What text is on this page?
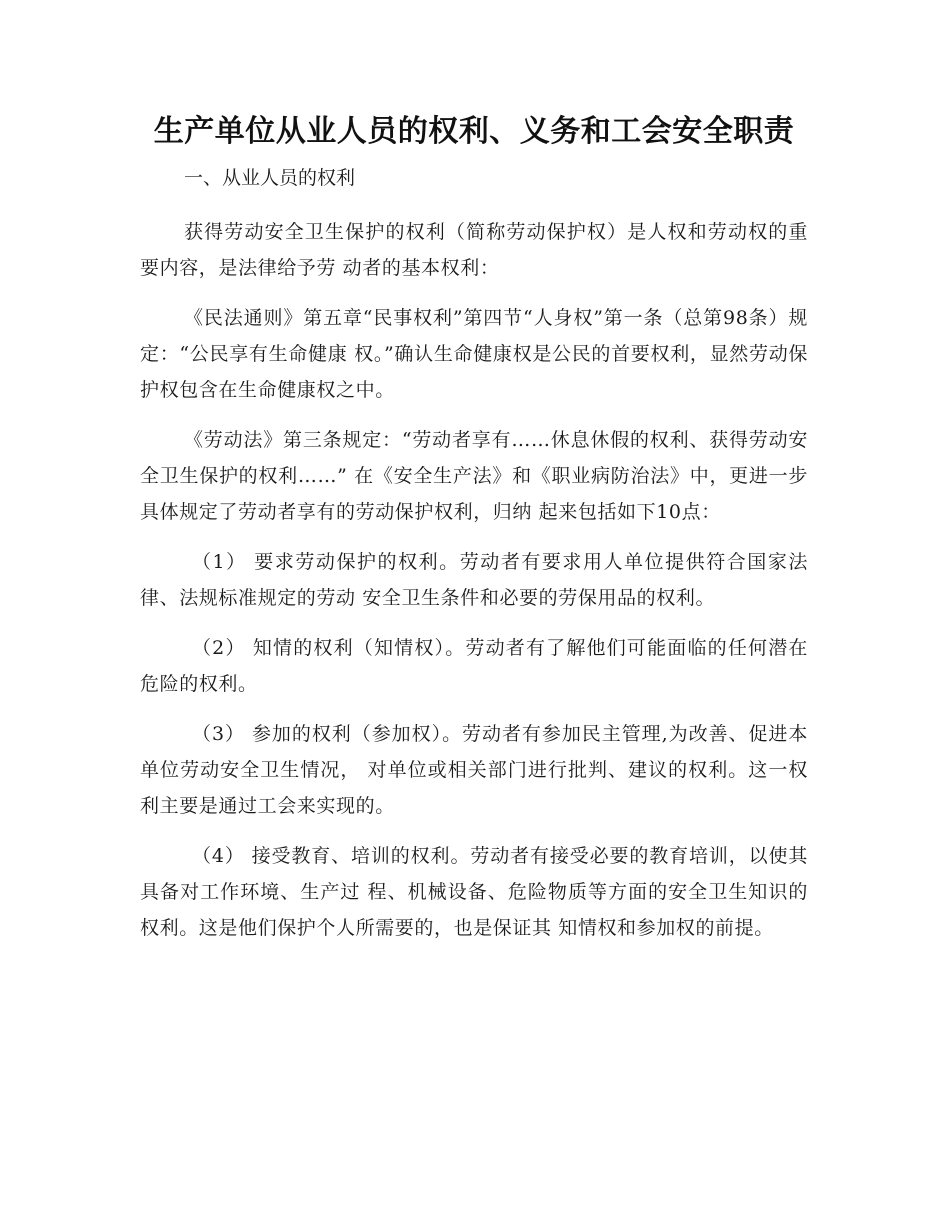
生产单位从业人员的权利、义务和工会安全职责

一、从业人员的权利

获得劳动安全卫生保护的权利（简称劳动保护权）是人权和劳动权的重要内容，是法律给予劳 动者的基本权利：

《民法通则》第五章“民事权利”第四节“人身权”第一条（总第98条）规定：“公民享有生命健康 权。”确认生命健康权是公民的首要权利，显然劳动保护权包含在生命健康权之中。

《劳动法》第三条规定：“劳动者享有……休息休假的权利、获得劳动安全卫生保护的权利……” 在《安全生产法》和《职业病防治法》中，更进一步具体规定了劳动者享有的劳动保护权利，归纳 起来包括如下10点：

（1） 要求劳动保护的权利。劳动者有要求用人单位提供符合国家法律、法规标准规定的劳动 安全卫生条件和必要的劳保用品的权利。

（2） 知情的权利（知情权）。劳动者有了解他们可能面临的任何潜在危险的权利。

（3） 参加的权利（参加权）。劳动者有参加民主管理,为改善、促进本单位劳动安全卫生情况， 对单位或相关部门进行批判、建议的权利。这一权利主要是通过工会来实现的。

（4） 接受教育、培训的权利。劳动者有接受必要的教育培训，以使其具备对工作环境、生产过 程、机械设备、危险物质等方面的安全卫生知识的权利。这是他们保护个人所需要的，也是保证其 知情权和参加权的前提。
